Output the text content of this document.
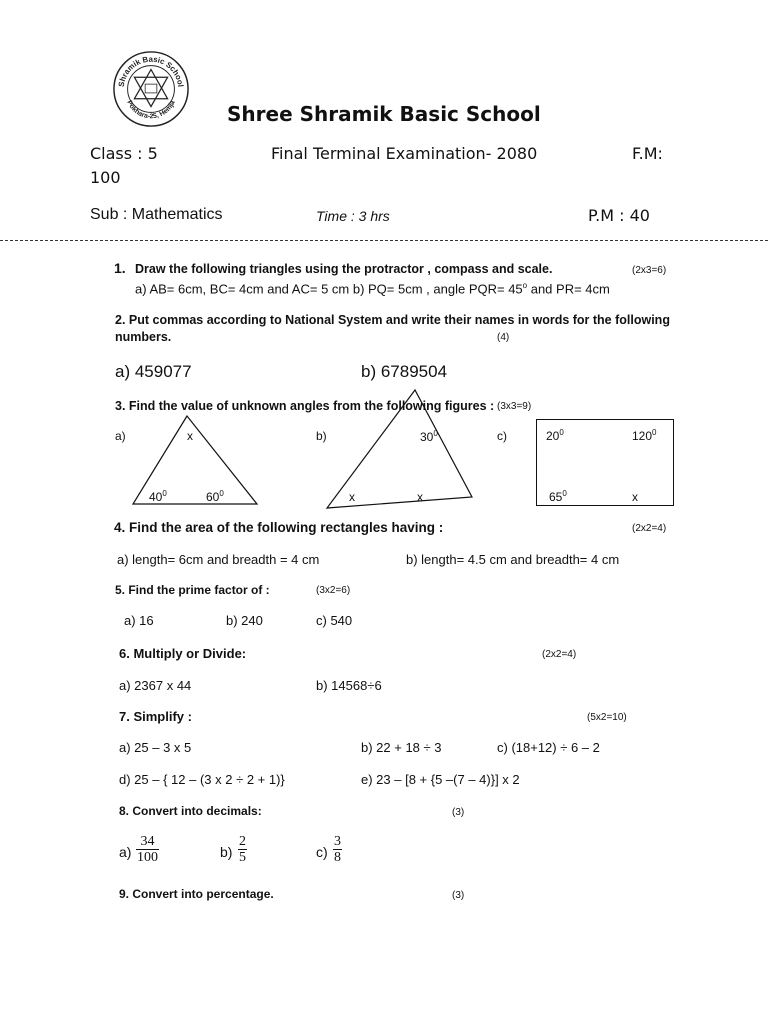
Shramik Basic School
Pokhara-25, Hemja	Shree Shramik Basic School
Class : 5	Final Terminal Examination- 2080	F.M:
100
Sub : Mathematics	Time : 3 hrs	P.M : 40
1. Draw the following triangles using the protractor , compass and scale.	(2x3=6)
a) AB= 6cm, BC= 4cm and AC= 5 cm b) PQ= 5cm , angle $PQR= 45^o$ and PR= 4cm
2. Put commas according to National System and write their names in words for the following
numbers.	(4)
a) 459077	b) 6789504
3. Find the value of unknown angles from the following figures : (3x3=9)
a)	x
$40^0$	$60^0$
b)	$30^0$
x	x
c)	$20^0$	$120^0$
$65^0$	x
4. Find the area of the following rectangles having :	(2x2=4)
a) length= 6cm and breadth = 4 cm	b) length= 4.5 cm and breadth= 4 cm
5. Find the prime factor of :	(3x2=6)
a) 16	b) 240	c) 540
6. Multiply or Divide:	(2x2=4)
a) 2367 x 44	b) 14568÷6
7. Simplify :	(5x2=10)
a) 25 – 3 x 5	b) 22 + 18 ÷ 3	c) (18+12) ÷ 6 – 2
d) 25 – { 12 – (3 x 2 ÷ 2 + 1)}	e) 23 – [8 + {5 –(7 – 4)}] x 2
8. Convert into decimals:	(3)
$a) \frac{34}{100}$	$b) \frac{2}{5}$	$c) \frac{3}{8}$
9. Convert into percentage.	(3)
